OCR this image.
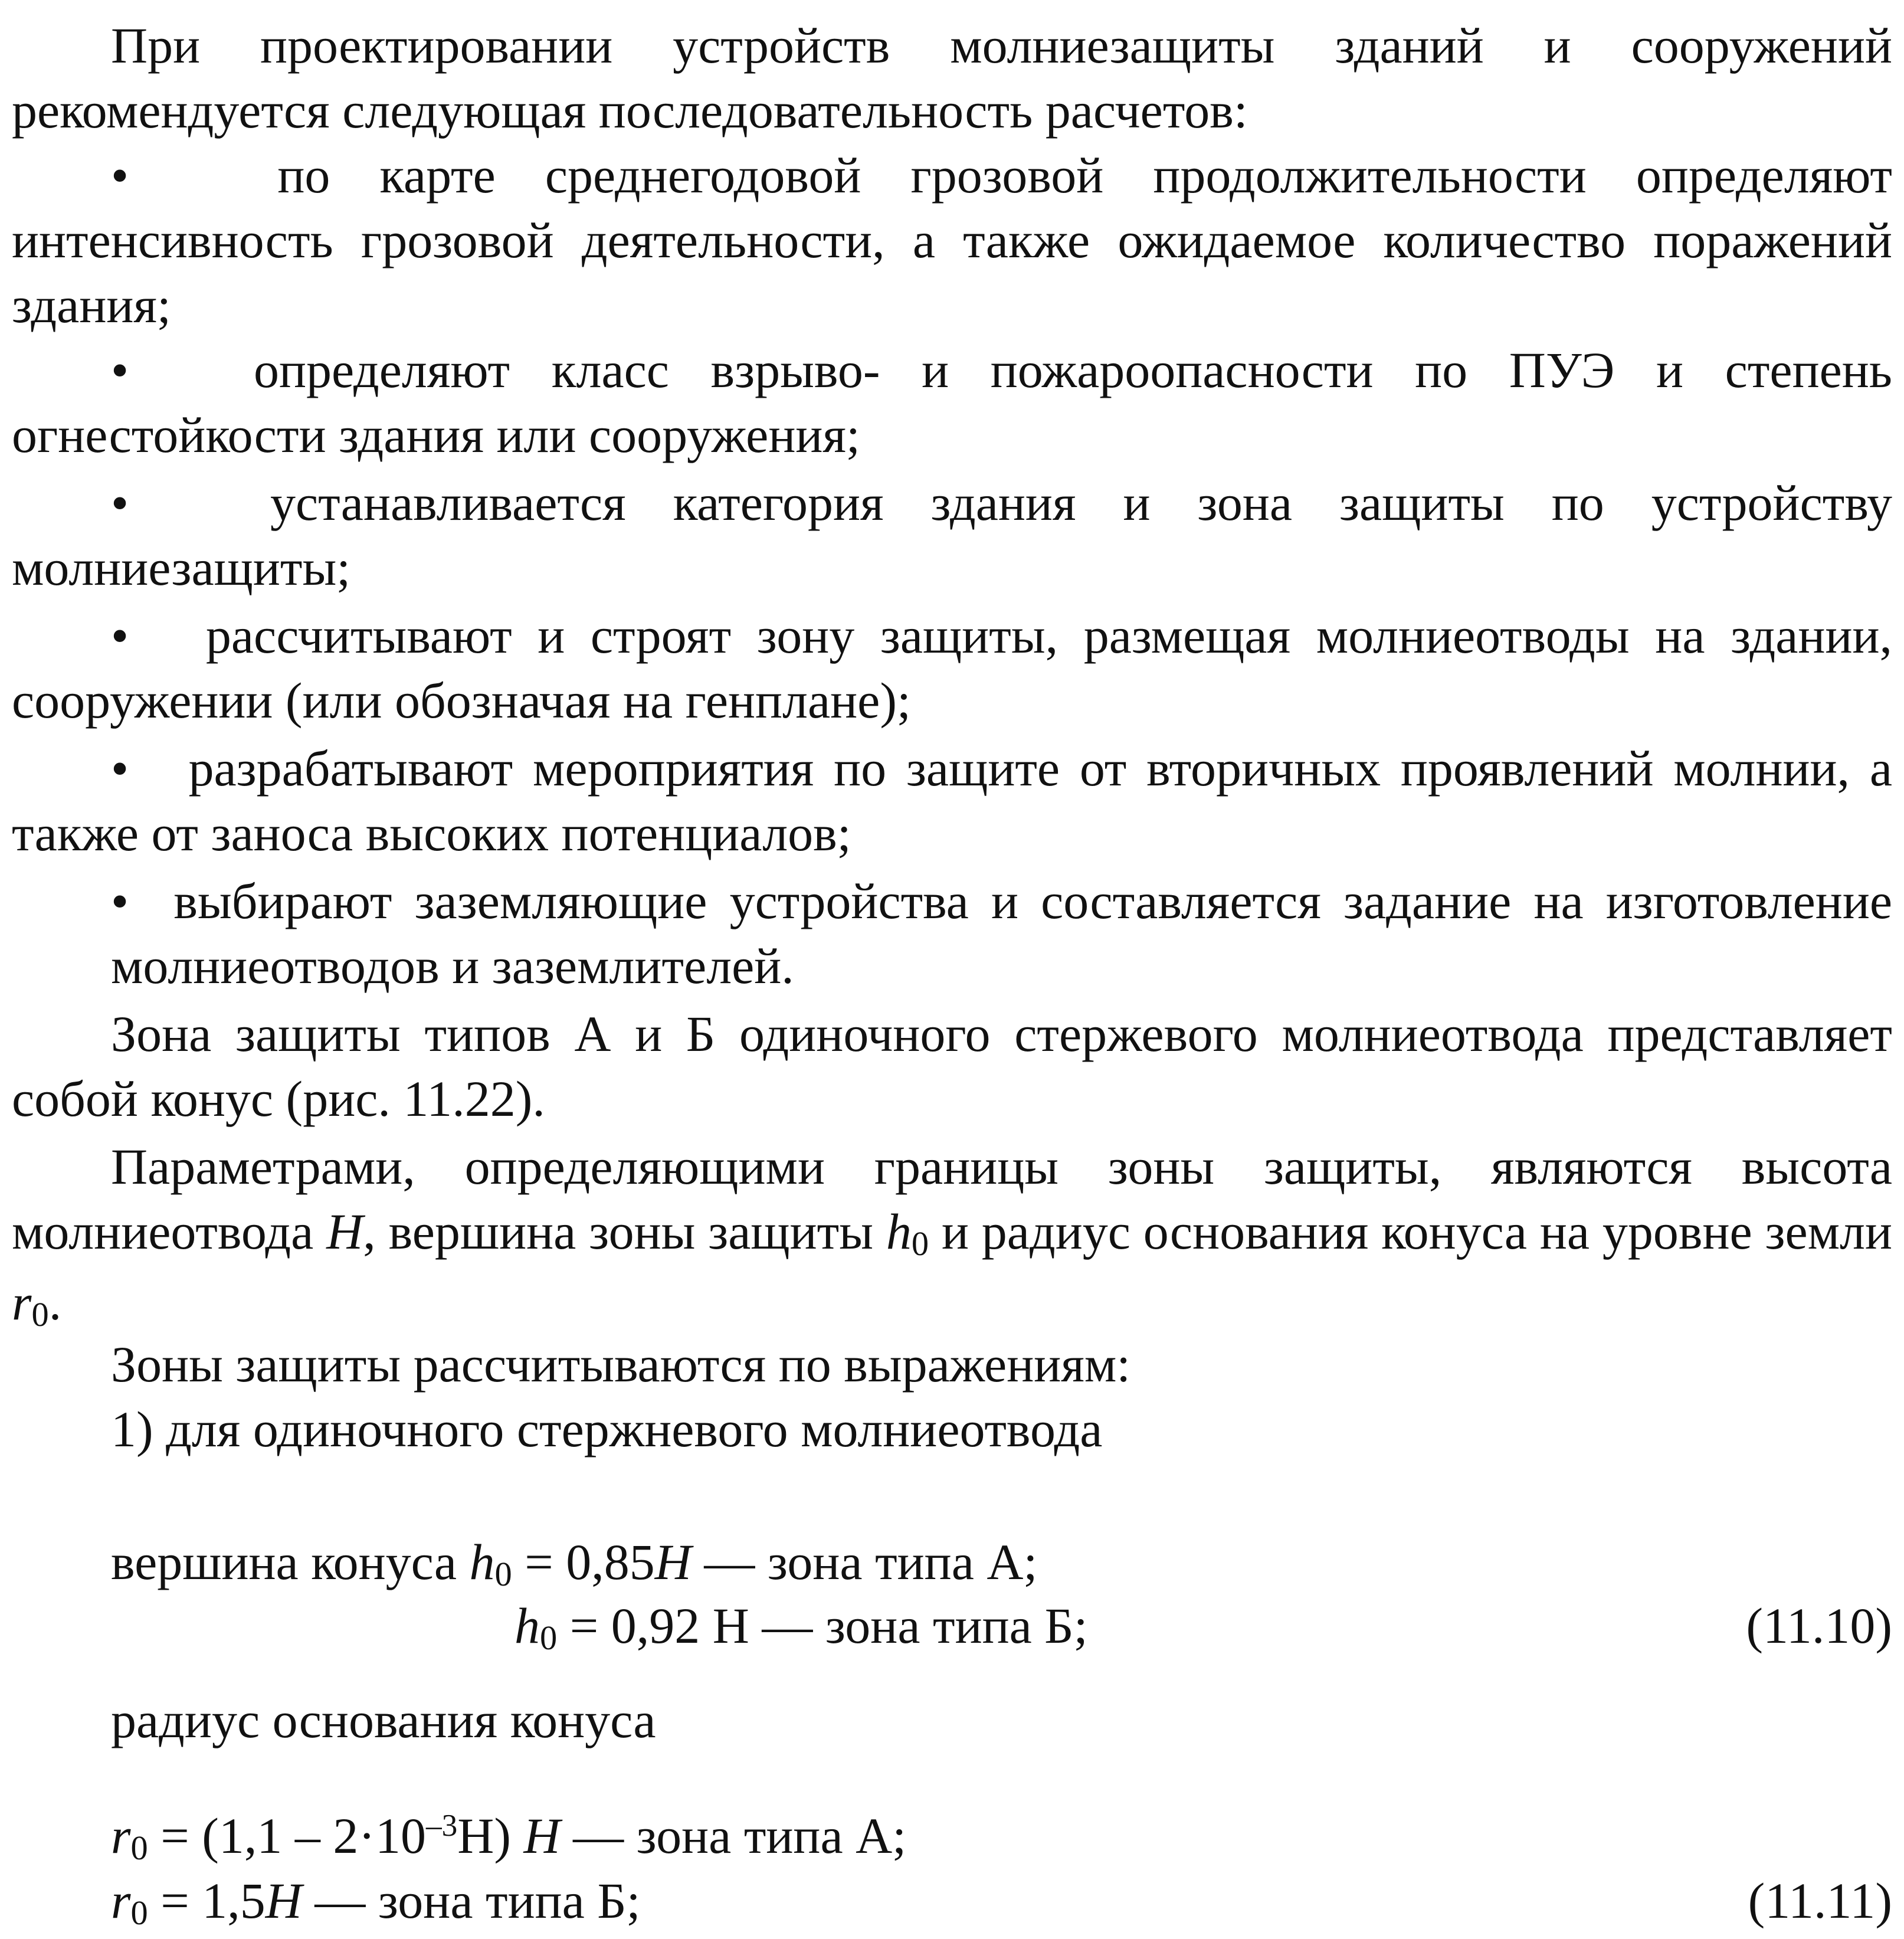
При проектировании устройств молниезащиты зданий и сооружений рекомендуется следующая последовательность расчетов:

•	по карте среднегодовой грозовой продолжительности определяют интенсивность грозовой деятельности, а также ожидаемое количество поражений здания;

• определяют класс взрыво- и пожароопасности по ПУЭ и степень огнестойкости здания или сооружения;

•	устанавливается категория здания и зона защиты по устройству молниезащиты;

• рассчитывают и строят зону защиты, размещая молниеотводы на здании, сооружении (или обозначая на генплане);

• разрабатывают мероприятия по защите от вторичных проявлений молнии, а также от заноса высоких потенциалов;

• выбирают заземляющие устройства и составляется задание на изготовление молниеотводов и заземлителей.

Зона защиты типов А и Б одиночного стержевого молниеотвода представляет собой конус (рис. 11.22).

Параметрами, определяющими границы зоны защиты, являются высота молниеотвода H, вершина зоны защиты h0 и радиус основания конуса на уровне земли r0.

Зоны защиты рассчитываются по выражениям:

1) для одиночного стержневого молниеотвода

вершина конуса h0 = 0,85H — зона типа А;
h0 = 0,92 Н — зона типа Б;	(11.10)

радиус основания конуса

$r0 = (1,1 - 2\cdot 10^{-3}Н)$ H — зона типа А;
r0 = 1,5H — зона типа Б;	(11.11)
